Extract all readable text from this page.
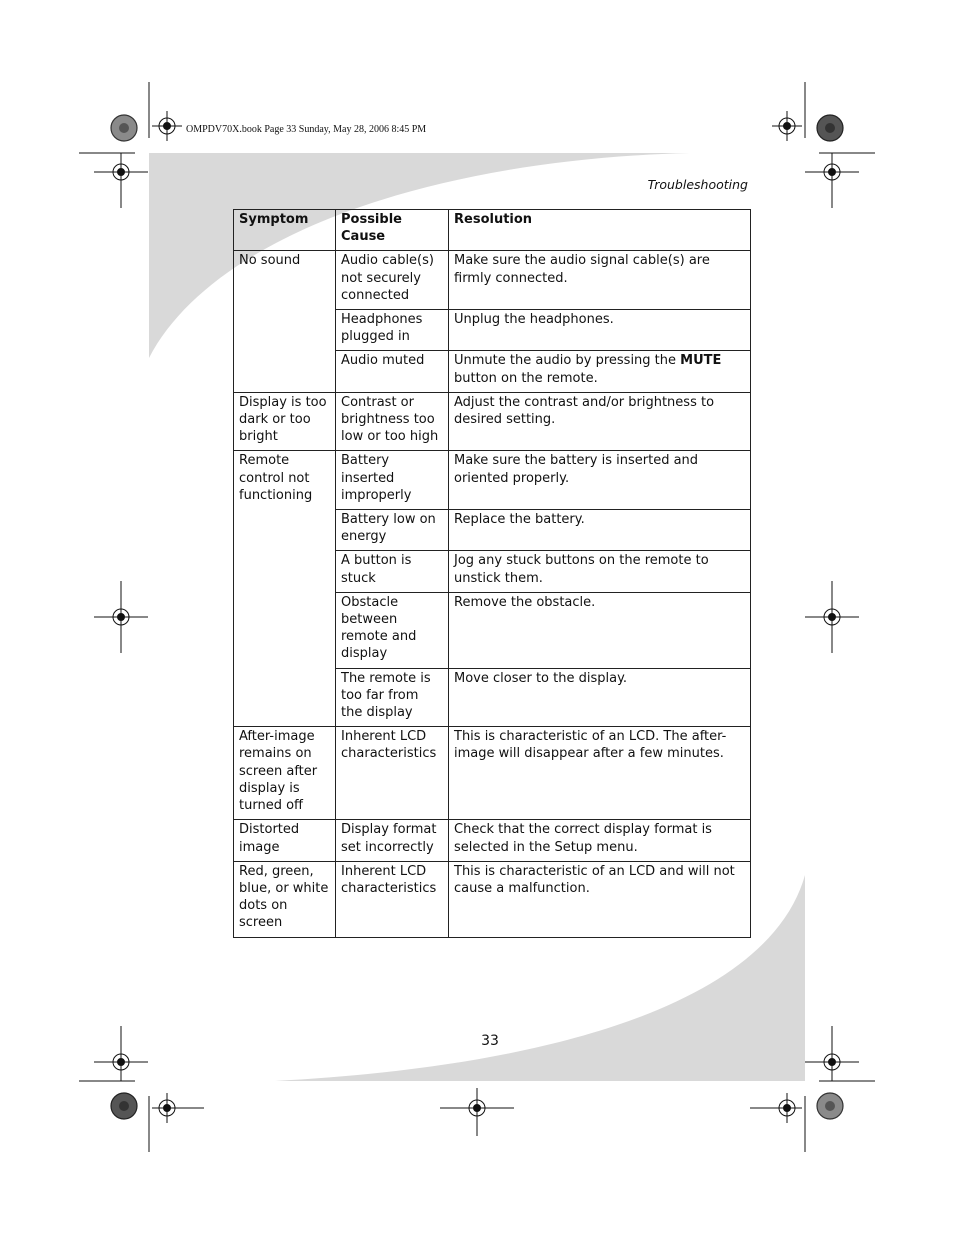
OMPDV70X.book Page 33 Sunday, May 28, 2006 8:45 PM
Troubleshooting
Symptom	Possible Cause	Resolution
No sound	Audio cable(s) not securely connected	Make sure the audio signal cable(s) are firmly connected.
	Headphones plugged in	Unplug the headphones.
	Audio muted	Unmute the audio by pressing the MUTE button on the remote.
Display is too dark or too bright	Contrast or brightness too low or too high	Adjust the contrast and/or brightness to desired setting.
Remote control not functioning	Battery inserted improperly	Make sure the battery is inserted and oriented properly.
	Battery low on energy	Replace the battery.
	A button is stuck	Jog any stuck buttons on the remote to unstick them.
	Obstacle between remote and display	Remove the obstacle.
	The remote is too far from the display	Move closer to the display.
After-image remains on screen after display is turned off	Inherent LCD characteristics	This is characteristic of an LCD. The after-image will disappear after a few minutes.
Distorted image	Display format set incorrectly	Check that the correct display format is selected in the Setup menu.
Red, green, blue, or white dots on screen	Inherent LCD characteristics	This is characteristic of an LCD and will not cause a malfunction.
33
